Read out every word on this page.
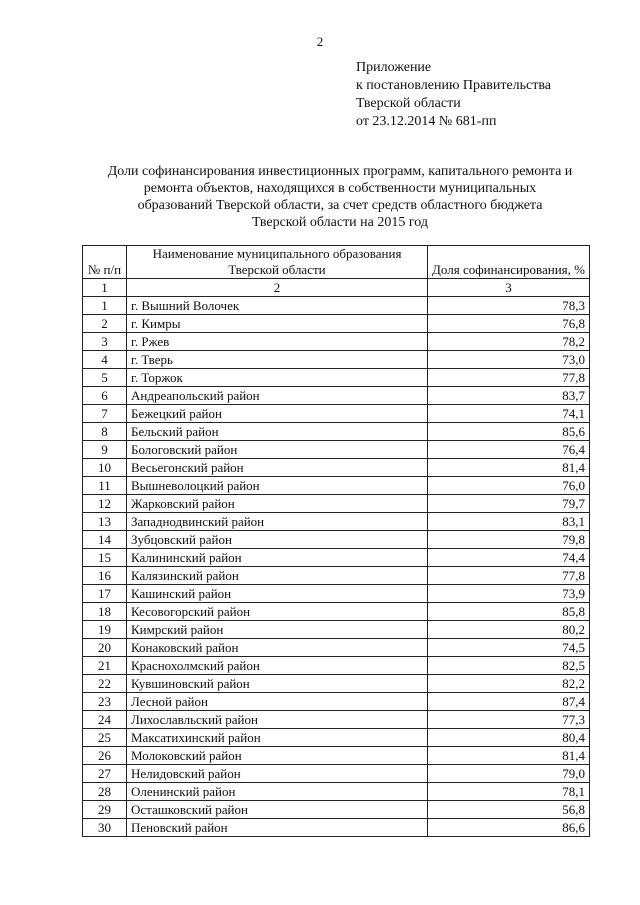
2
Приложение
к постановлению Правительства
Тверской области
от 23.12.2014 № 681-пп
Доли софинансирования инвестиционных программ, капитального ремонта и
ремонта объектов, находящихся в собственности муниципальных
образований Тверской области, за счет средств областного бюджета
Тверской области на 2015 год
№ п/п	Наименование муниципального образования Тверской области	Доля софинансирования, %
1	2	3
1	г. Вышний Волочек	78,3
2	г. Кимры	76,8
3	г. Ржев	78,2
4	г. Тверь	73,0
5	г. Торжок	77,8
6	Андреапольский район	83,7
7	Бежецкий район	74,1
8	Бельский район	85,6
9	Бологовский район	76,4
10	Весьегонский район	81,4
11	Вышневолоцкий район	76,0
12	Жарковский район	79,7
13	Западнодвинский район	83,1
14	Зубцовский район	79,8
15	Калининский район	74,4
16	Калязинский район	77,8
17	Кашинский район	73,9
18	Кесовогорский район	85,8
19	Кимрский район	80,2
20	Конаковский район	74,5
21	Краснохолмский район	82,5
22	Кувшиновский район	82,2
23	Лесной район	87,4
24	Лихославльский район	77,3
25	Максатихинский район	80,4
26	Молоковский район	81,4
27	Нелидовский район	79,0
28	Оленинский район	78,1
29	Осташковский район	56,8
30	Пеновский район	86,6
